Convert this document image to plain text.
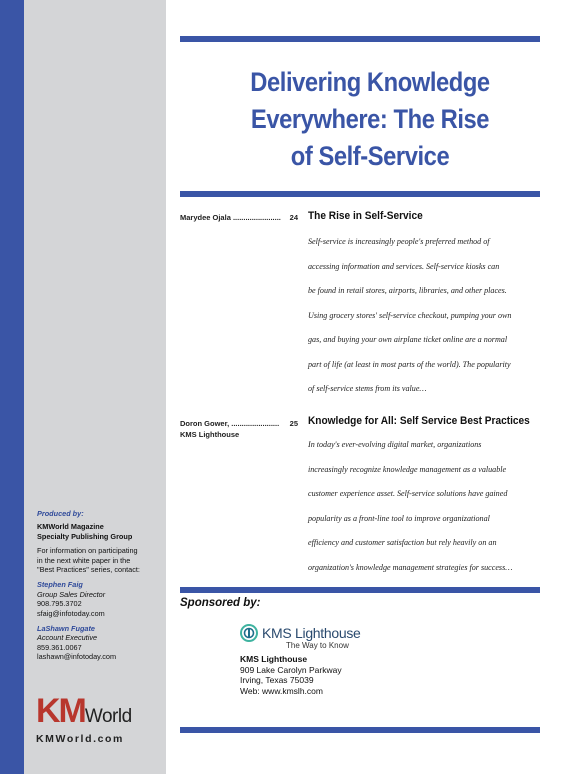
Delivering Knowledge
Everywhere: The Rise
of Self-Service
Marydee Ojala ....................... 24 The Rise in Self-Service
Self-service is increasingly people's preferred method of
accessing information and services. Self-service kiosks can
be found in retail stores, airports, libraries, and other places.
Using grocery stores' self-service checkout, pumping your own
gas, and buying your own airplane ticket online are a normal
part of life (at least in most parts of the world). The popularity
of self-service stems from its value…
Doron Gower, ....................... 25
KMS Lighthouse
Knowledge for All: Self Service Best Practices
In today's ever-evolving digital market, organizations
increasingly recognize knowledge management as a valuable
customer experience asset. Self-service solutions have gained
popularity as a front-line tool to improve organizational
efficiency and customer satisfaction but rely heavily on an
organization's knowledge management strategies for success…
Sponsored by:
KMS Lighthouse
The Way to Know
KMS Lighthouse
909 Lake Carolyn Parkway
Irving, Texas 75039
Web: www.kmslh.com
Produced by:
KMWorld Magazine
Specialty Publishing Group
For information on participating
in the next white paper in the
"Best Practices" series, contact:
Stephen Faig
Group Sales Director
908.795.3702
sfaig@infotoday.com
LaShawn Fugate
Account Executive
859.361.0067
lashawn@infotoday.com
KMWorld
KMWorld.com
